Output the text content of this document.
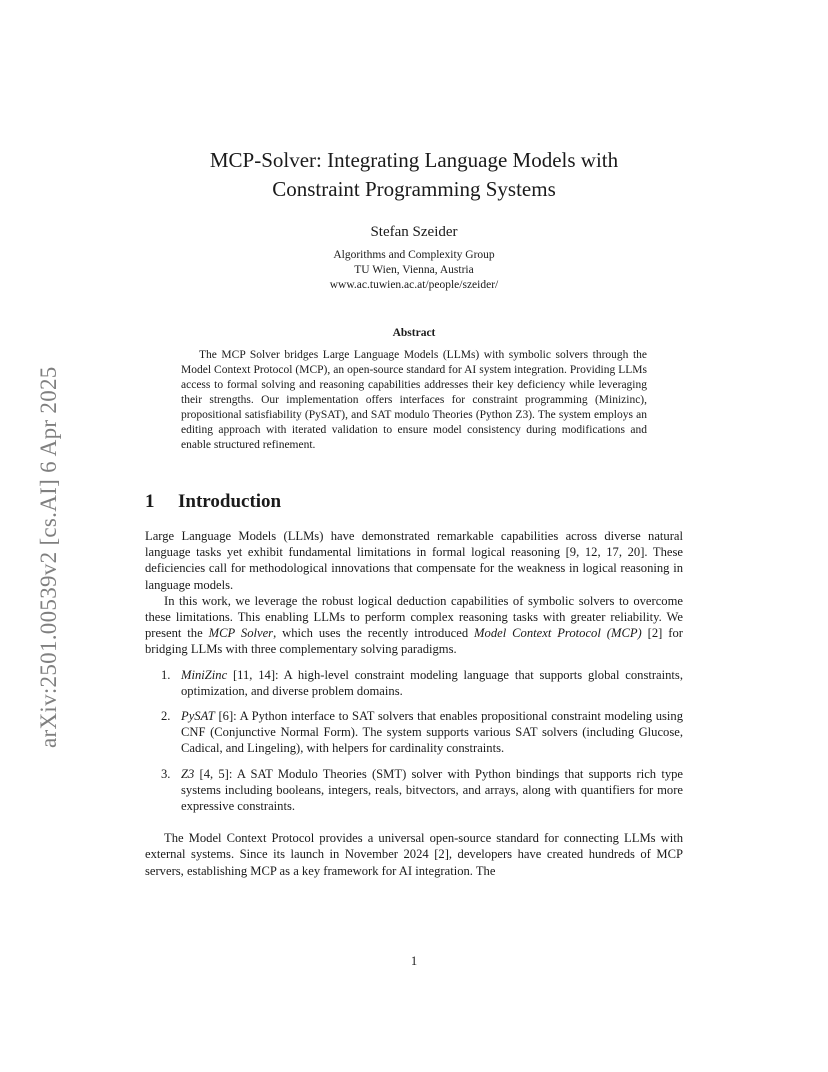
arXiv:2501.00539v2 [cs.AI] 6 Apr 2025
MCP-Solver: Integrating Language Models with
Constraint Programming Systems
Stefan Szeider
Algorithms and Complexity Group
TU Wien, Vienna, Austria
www.ac.tuwien.ac.at/people/szeider/
Abstract

The MCP Solver bridges Large Language Models (LLMs) with symbolic solvers through the Model Context Protocol (MCP), an open-source standard for AI system integration. Providing LLMs access to formal solving and reasoning capabilities addresses their key deficiency while leveraging their strengths. Our implementation offers interfaces for constraint programming (Minizinc), propositional satisfiability (PySAT), and SAT modulo Theories (Python Z3). The system employs an editing approach with iterated validation to ensure model consistency during modifications and enable structured refinement.

1 Introduction

Large Language Models (LLMs) have demonstrated remarkable capabilities across diverse natural language tasks yet exhibit fundamental limitations in formal logical reasoning [9, 12, 17, 20]. These deficiencies call for methodological innovations that compensate for the weakness in logical reasoning in language models.

In this work, we leverage the robust logical deduction capabilities of symbolic solvers to overcome these limitations. This enabling LLMs to perform complex reasoning tasks with greater reliability. We present the MCP Solver, which uses the recently introduced Model Context Protocol (MCP) [2] for bridging LLMs with three complementary solving paradigms.

1. MiniZinc [11, 14]: A high-level constraint modeling language that supports global constraints, optimization, and diverse problem domains.
2. PySAT [6]: A Python interface to SAT solvers that enables propositional constraint modeling using CNF (Conjunctive Normal Form). The system supports various SAT solvers (including Glucose, Cadical, and Lingeling), with helpers for cardinality constraints.
3. Z3 [4, 5]: A SAT Modulo Theories (SMT) solver with Python bindings that supports rich type systems including booleans, integers, reals, bitvectors, and arrays, along with quantifiers for more expressive constraints.

The Model Context Protocol provides a universal open-source standard for connecting LLMs with external systems. Since its launch in November 2024 [2], developers have created hundreds of MCP servers, establishing MCP as a key framework for AI integration. The

1
